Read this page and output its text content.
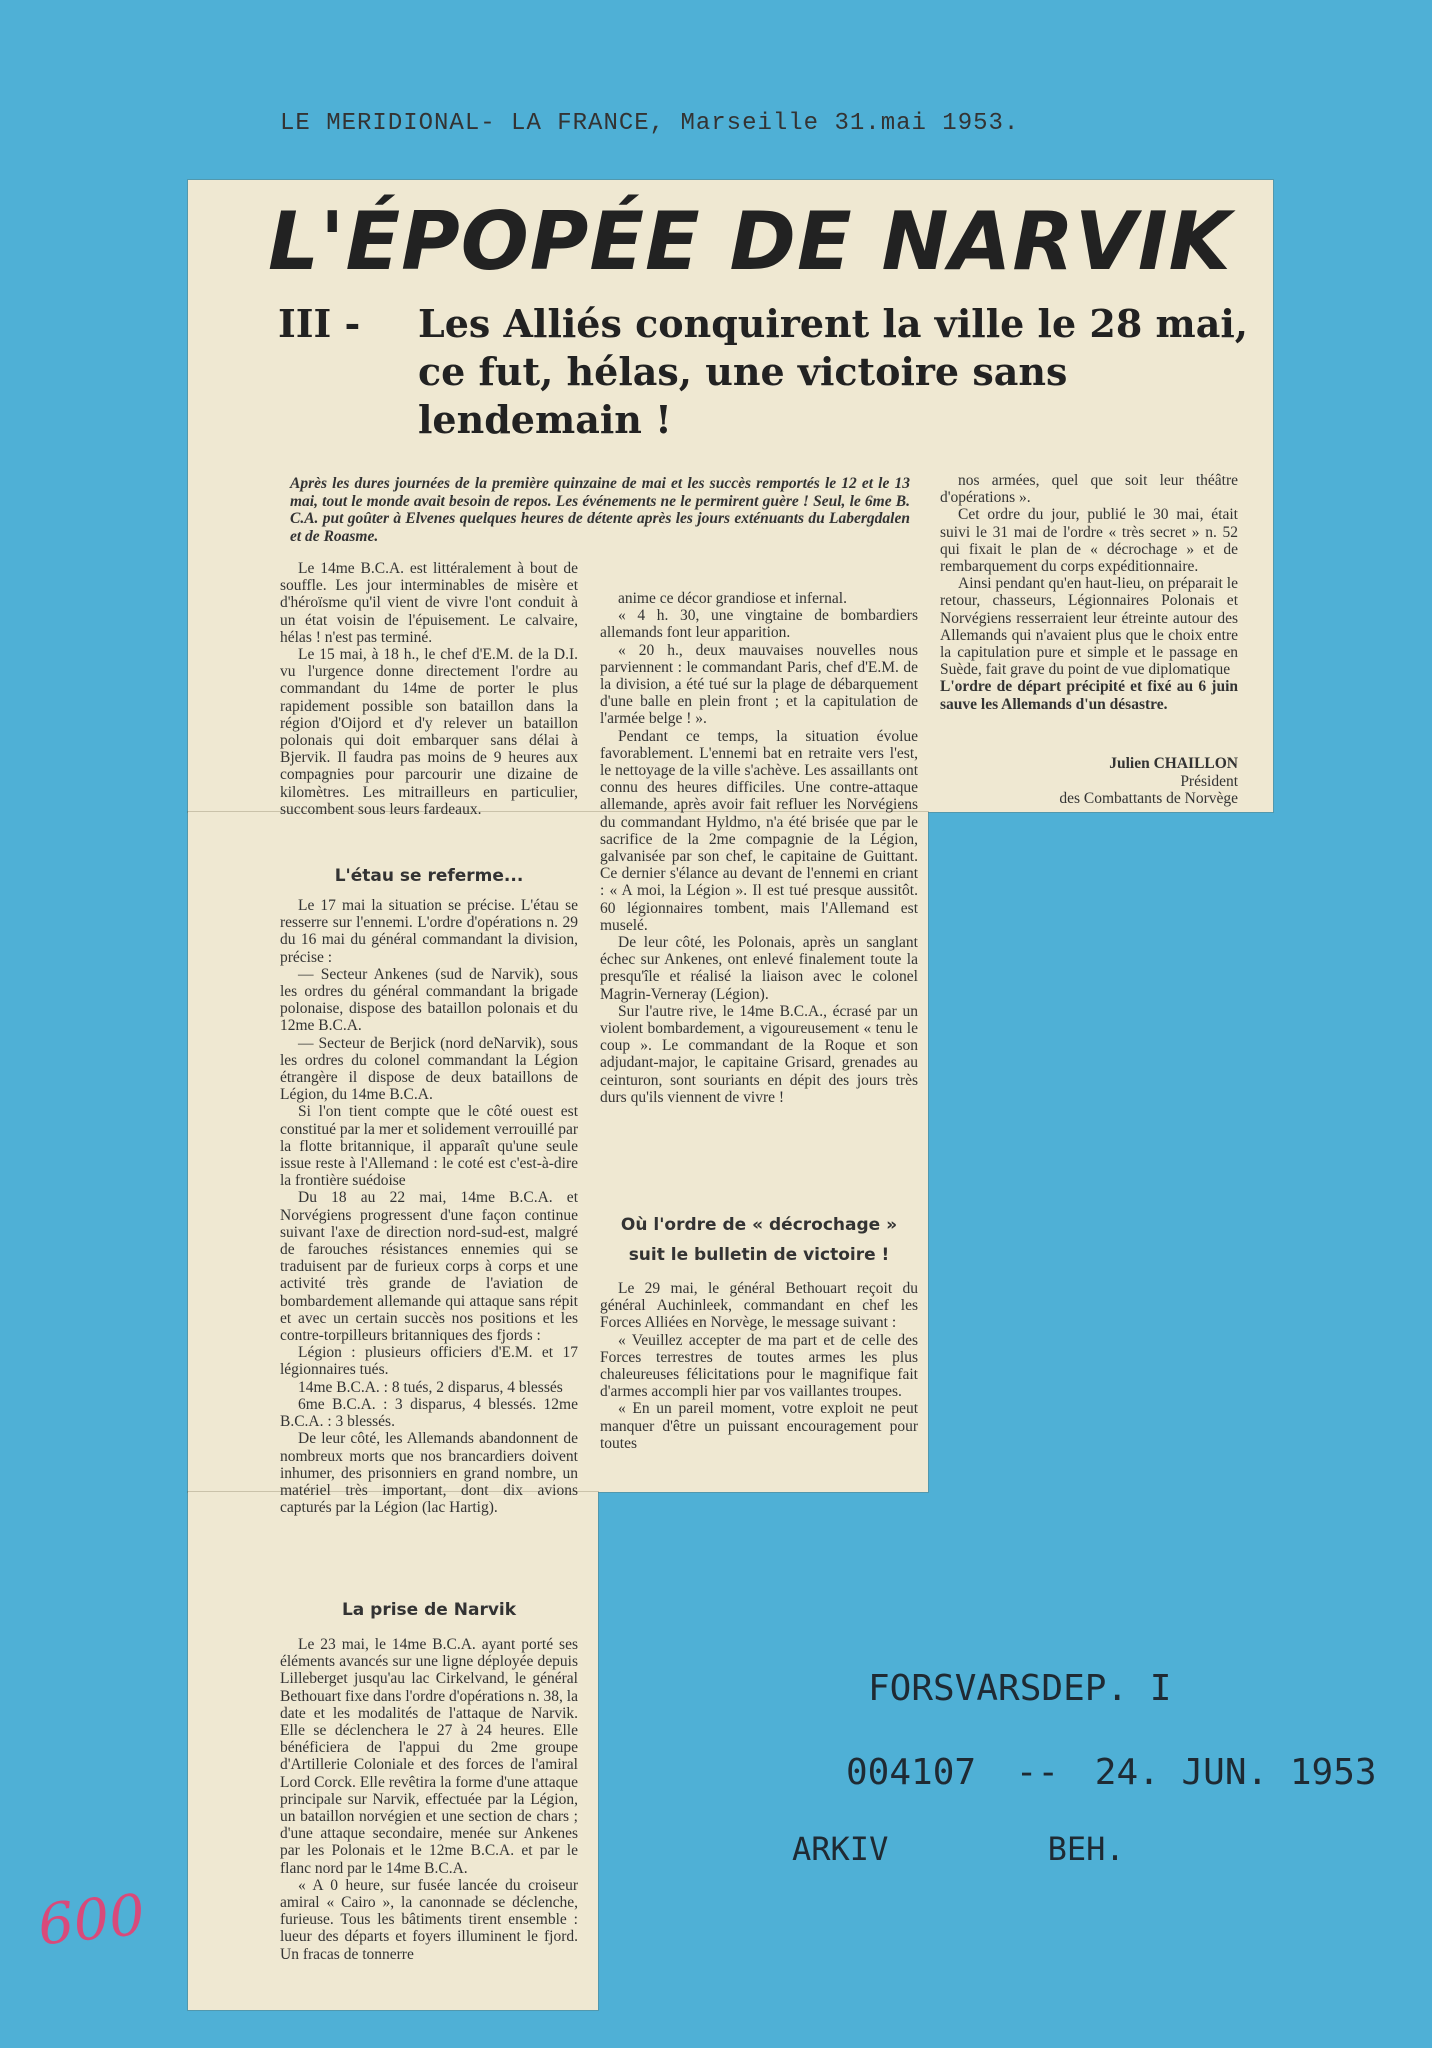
LE MERIDIONAL- LA FRANCE, Marseille 31.mai 1953.
L'ÉPOPÉE DE NARVIK
III - Les Alliés conquirent la ville le 28 mai, ce fut, hélas, une victoire sans lendemain !
Après les dures journées de la première quinzaine de mai et les succès remportés le 12 et le 13 mai, tout le monde avait besoin de repos. Les événements ne le permirent guère ! Seul, le 6me B. C.A. put goûter à Elvenes quelques heures de détente après les jours exténuants du Labergdalen et de Roasme.

Le 14me B.C.A. est littéralement à bout de souffle. Les jour interminables de misère et d'héroïsme qu'il vient de vivre l'ont conduit à un état voisin de l'épuisement. Le calvaire, hélas ! n'est pas terminé.

Le 15 mai, à 18 h., le chef d'E.M. de la D.I. vu l'urgence donne directement l'ordre au commandant du 14me de porter le plus rapidement possible son bataillon dans la région d'Oijord et d'y relever un bataillon polonais qui doit embarquer sans délai à Bjervik. Il faudra pas moins de 9 heures aux compagnies pour parcourir une dizaine de kilomètres. Les mitrailleurs en particulier, succombent sous leurs fardeaux.

L'étau se referme...

Le 17 mai la situation se précise. L'étau se resserre sur l'ennemi. L'ordre d'opérations n. 29 du 16 mai du général commandant la division, précise :

— Secteur Ankenes (sud de Narvik), sous les ordres du général commandant la brigade polonaise, dispose des bataillon polonais et du 12me B.C.A.

— Secteur de Berjick (nord deNarvik), sous les ordres du colonel commandant la Légion étrangère il dispose de deux bataillons de Légion, du 14me B.C.A.

Si l'on tient compte que le côté ouest est constitué par la mer et solidement verrouillé par la flotte britannique, il apparaît qu'une seule issue reste à l'Allemand : le coté est c'est-à-dire la frontière suédoise

Du 18 au 22 mai, 14me B.C.A. et Norvégiens progressent d'une façon continue suivant l'axe de direction nord-sud-est, malgré de farouches résistances ennemies qui se traduisent par de furieux corps à corps et une activité très grande de l'aviation de bombardement allemande qui attaque sans répit et avec un certain succès nos positions et les contre-torpilleurs britanniques des fjords :

Légion : plusieurs officiers d'E.M. et 17 légionnaires tués.

14me B.C.A. : 8 tués, 2 disparus, 4 blessés

6me B.C.A. : 3 disparus, 4 blessés. 12me B.C.A. : 3 blessés.

De leur côté, les Allemands abandonnent de nombreux morts que nos brancardiers doivent inhumer, des prisonniers en grand nombre, un matériel très important, dont dix avions capturés par la Légion (lac Hartig).

La prise de Narvik

Le 23 mai, le 14me B.C.A. ayant porté ses éléments avancés sur une ligne déployée depuis Lilleberget jusqu'au lac Cirkelvand, le général Bethouart fixe dans l'ordre d'opérations n. 38, la date et les modalités de l'attaque de Narvik. Elle se déclenchera le 27 à 24 heures. Elle bénéficiera de l'appui du 2me groupe d'Artillerie Coloniale et des forces de l'amiral Lord Corck. Elle revêtira la forme d'une attaque principale sur Narvik, effectuée par la Légion, un bataillon norvégien et une section de chars ; d'une attaque secondaire, menée sur Ankenes par les Polonais et le 12me B.C.A. et par le flanc nord par le 14me B.C.A.

« A 0 heure, sur fusée lancée du croiseur amiral « Cairo », la canonnade se déclenche, furieuse. Tous les bâtiments tirent ensemble : lueur des départs et foyers illuminent le fjord. Un fracas de tonnerre

anime ce décor grandiose et infernal.

« 4 h. 30, une vingtaine de bombardiers allemands font leur apparition.

« 20 h., deux mauvaises nouvelles nous parviennent : le commandant Paris, chef d'E.M. de la division, a été tué sur la plage de débarquement d'une balle en plein front ; et la capitulation de l'armée belge ! ».

Pendant ce temps, la situation évolue favorablement. L'ennemi bat en retraite vers l'est, le nettoyage de la ville s'achève. Les assaillants ont connu des heures difficiles. Une contre-attaque allemande, après avoir fait refluer les Norvégiens du commandant Hyldmo, n'a été brisée que par le sacrifice de la 2me compagnie de la Légion, galvanisée par son chef, le capitaine de Guittant. Ce dernier s'élance au devant de l'ennemi en criant : « A moi, la Légion ». Il est tué presque aussitôt. 60 légionnaires tombent, mais l'Allemand est muselé.

De leur côté, les Polonais, après un sanglant échec sur Ankenes, ont enlevé finalement toute la presqu'île et réalisé la liaison avec le colonel Magrin-Verneray (Légion).

Sur l'autre rive, le 14me B.C.A., écrasé par un violent bombardement, a vigoureusement « tenu le coup ». Le commandant de la Roque et son adjudant-major, le capitaine Grisard, grenades au ceinturon, sont souriants en dépit des jours très durs qu'ils viennent de vivre !

Où l'ordre de « décrochage » suit le bulletin de victoire !

Le 29 mai, le général Bethouart reçoit du général Auchinleek, commandant en chef les Forces Alliées en Norvège, le message suivant :

« Veuillez accepter de ma part et de celle des Forces terrestres de toutes armes les plus chaleureuses félicitations pour le magnifique fait d'armes accompli hier par vos vaillantes troupes.

« En un pareil moment, votre exploit ne peut manquer d'être un puissant encouragement pour toutes

nos armées, quel que soit leur théâtre d'opérations ».

Cet ordre du jour, publié le 30 mai, était suivi le 31 mai de l'ordre « très secret » n. 52 qui fixait le plan de « décrochage » et de rembarquement du corps expéditionnaire.

Ainsi pendant qu'en haut-lieu, on préparait le retour, chasseurs, Légionnaires Polonais et Norvégiens resserraient leur étreinte autour des Allemands qui n'avaient plus que le choix entre la capitulation pure et simple et le passage en Suède, fait grave du point de vue diplomatique

L'ordre de départ précipité et fixé au 6 juin sauve les Allemands d'un désastre.

Julien CHAILLON
Président
des Combattants de Norvège
FORSVARSDEP. I
004107 -- 24. JUN. 1953
ARKIV	BEH.
600
